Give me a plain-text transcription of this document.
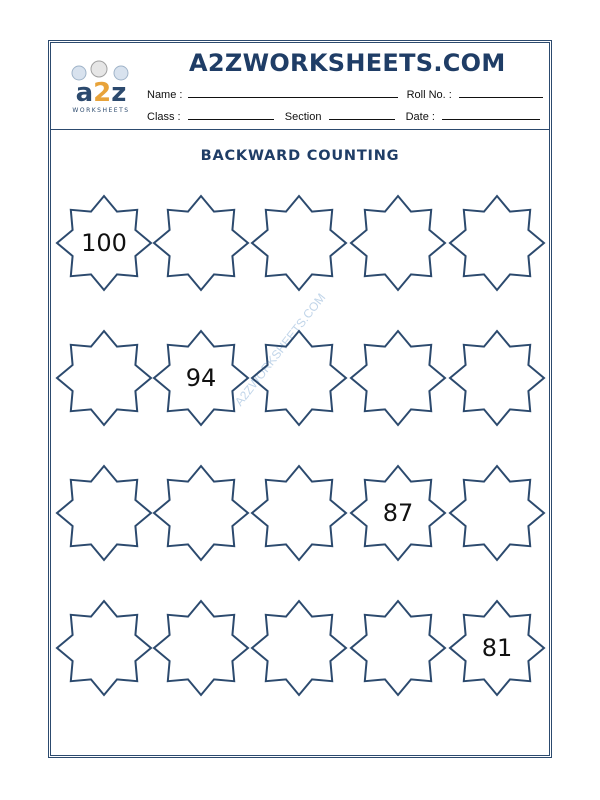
a2z
WORKSHEETS
A2ZWORKSHEETS.COM
Name :	Roll No. :
Class :	Section	Date :
BACKWARD COUNTING
A2ZWORKSHEETS.COM
100
94
87
81
